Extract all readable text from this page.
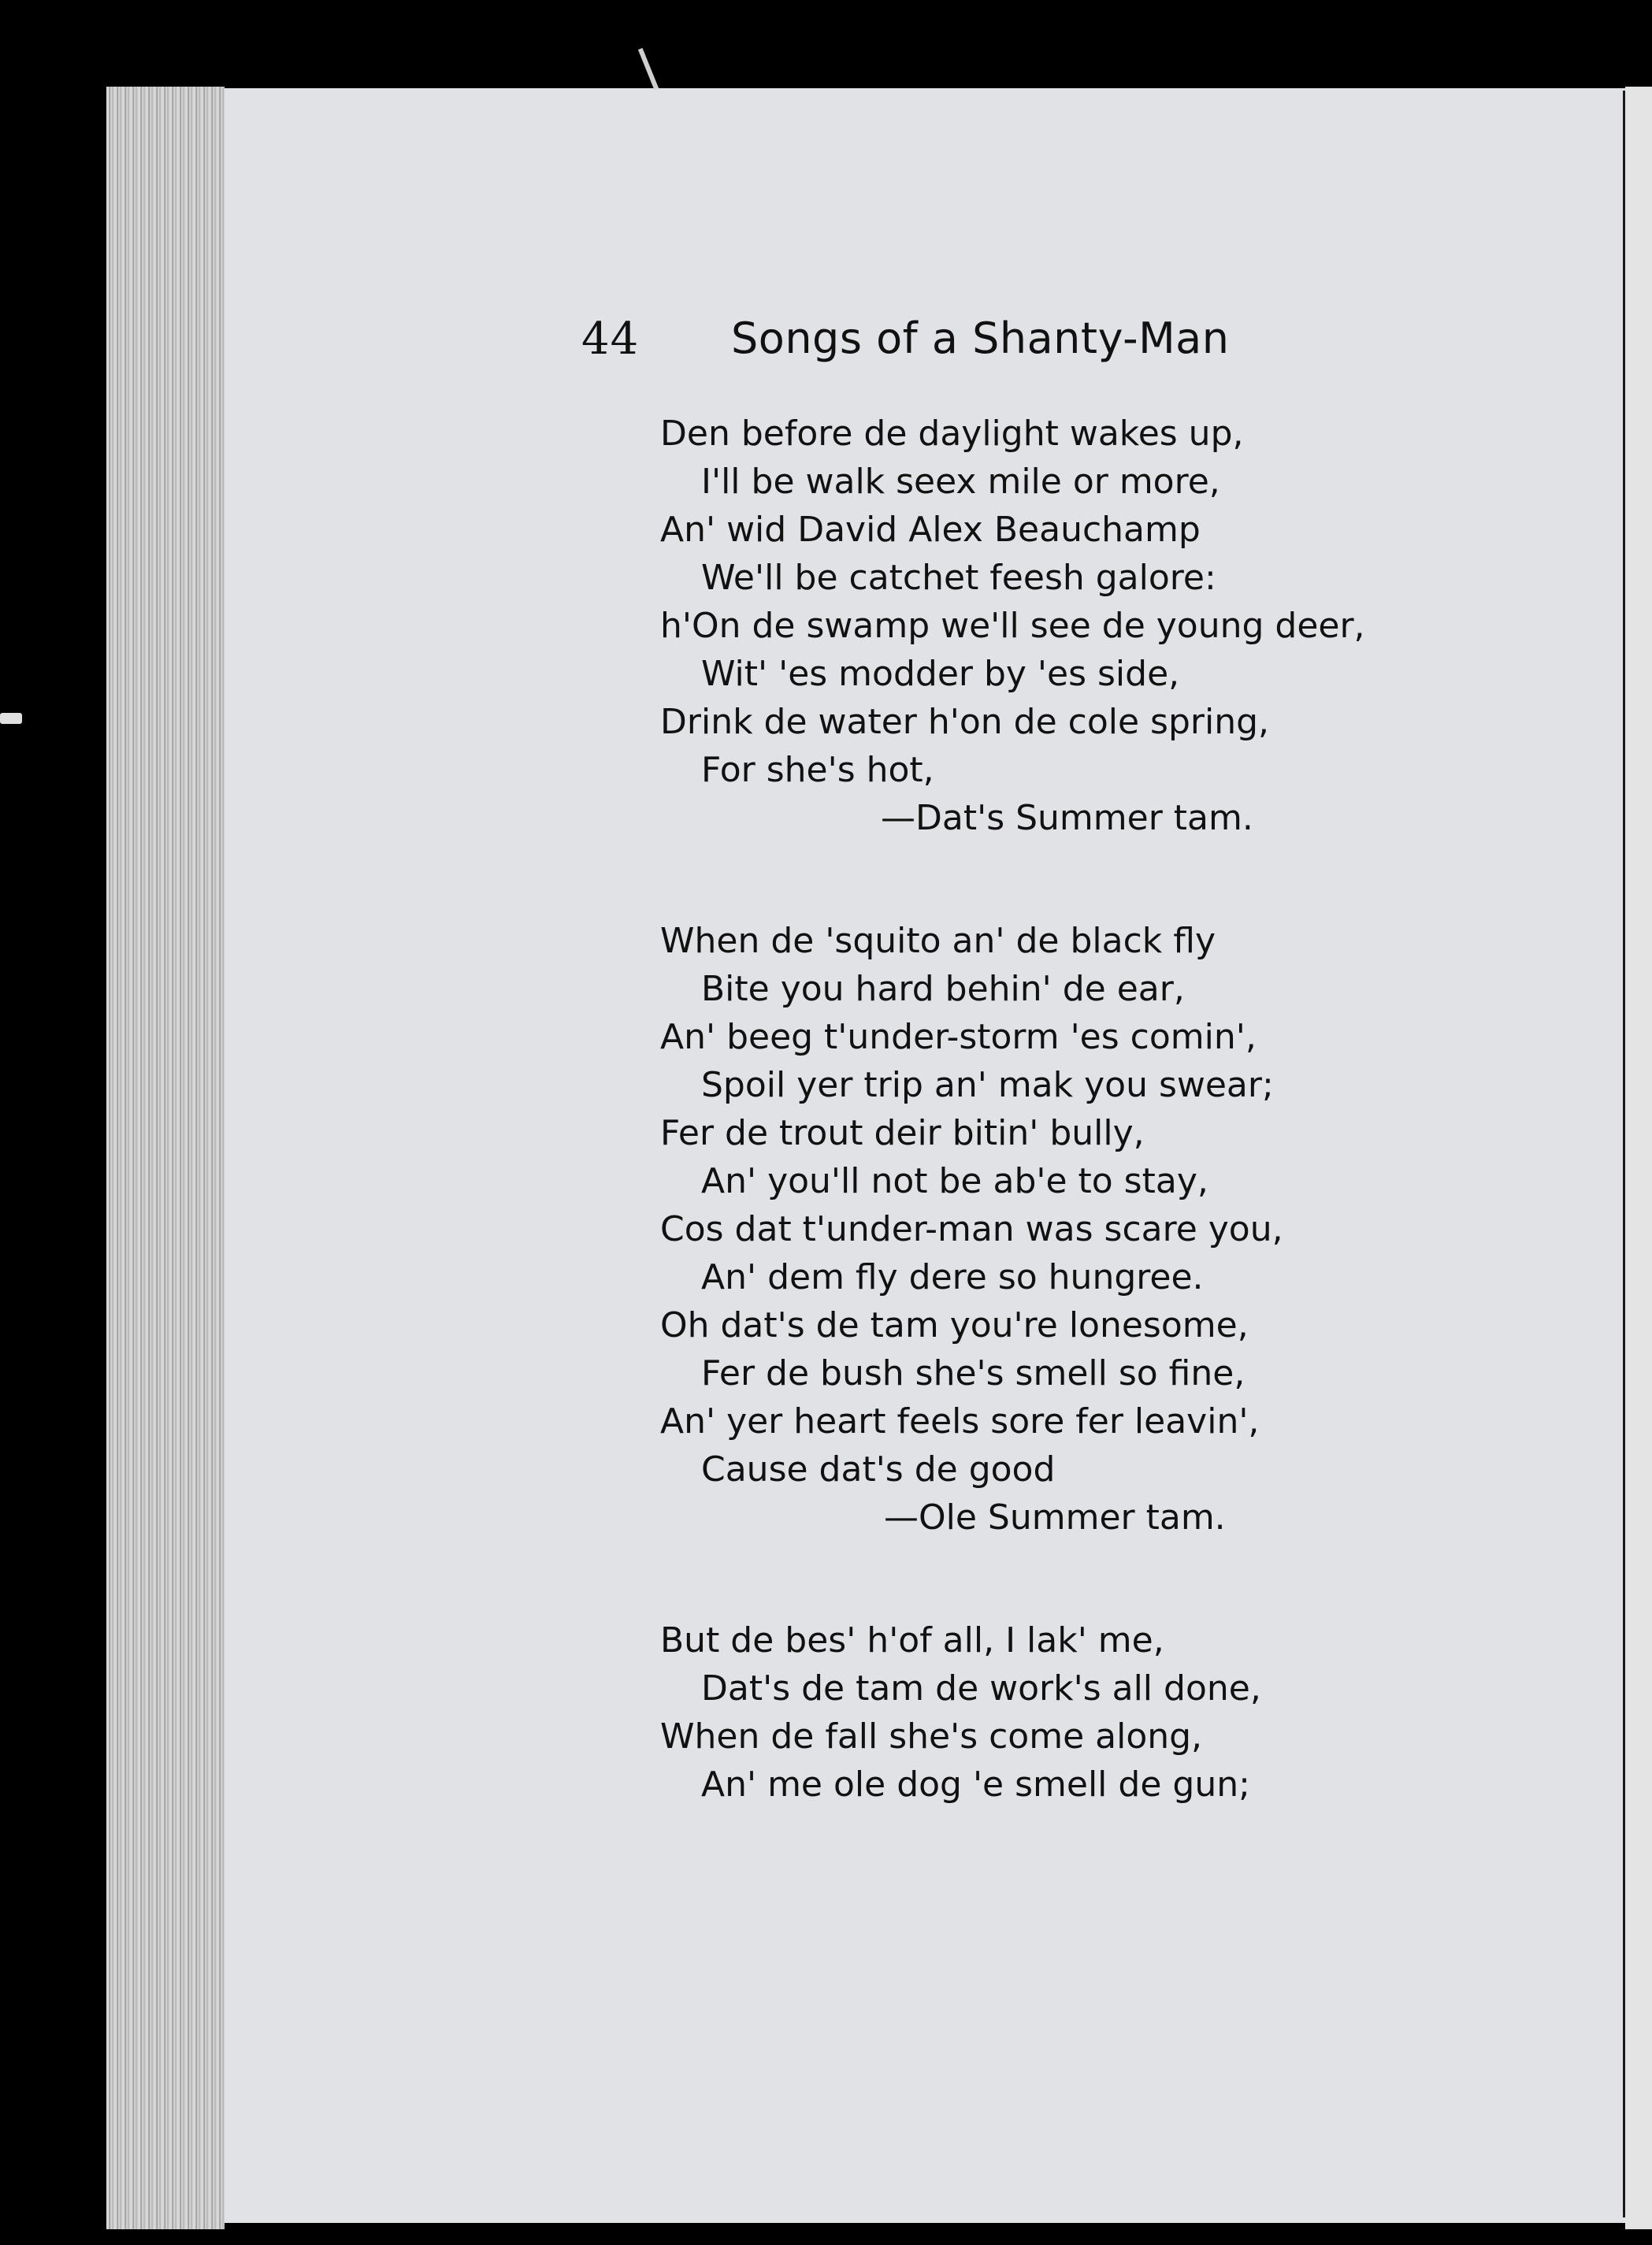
44 Songs of a Shanty-Man
Den before de daylight wakes up,
I'll be walk seex mile or more,
An' wid David Alex Beauchamp
We'll be catchet feesh galore:
h'On de swamp we'll see de young deer,
Wit' 'es modder by 'es side,
Drink de water h'on de cole spring,
For she's hot,
—Dat's Summer tam.
When de 'squito an' de black fly
Bite you hard behin' de ear,
An' beeg t'under-storm 'es comin',
Spoil yer trip an' mak you swear;
Fer de trout deir bitin' bully,
An' you'll not be ab'e to stay,
Cos dat t'under-man was scare you,
An' dem fly dere so hungree.
Oh dat's de tam you're lonesome,
Fer de bush she's smell so fine,
An' yer heart feels sore fer leavin',
Cause dat's de good
—Ole Summer tam.
But de bes' h'of all, I lak' me,
Dat's de tam de work's all done,
When de fall she's come along,
An' me ole dog 'e smell de gun;
